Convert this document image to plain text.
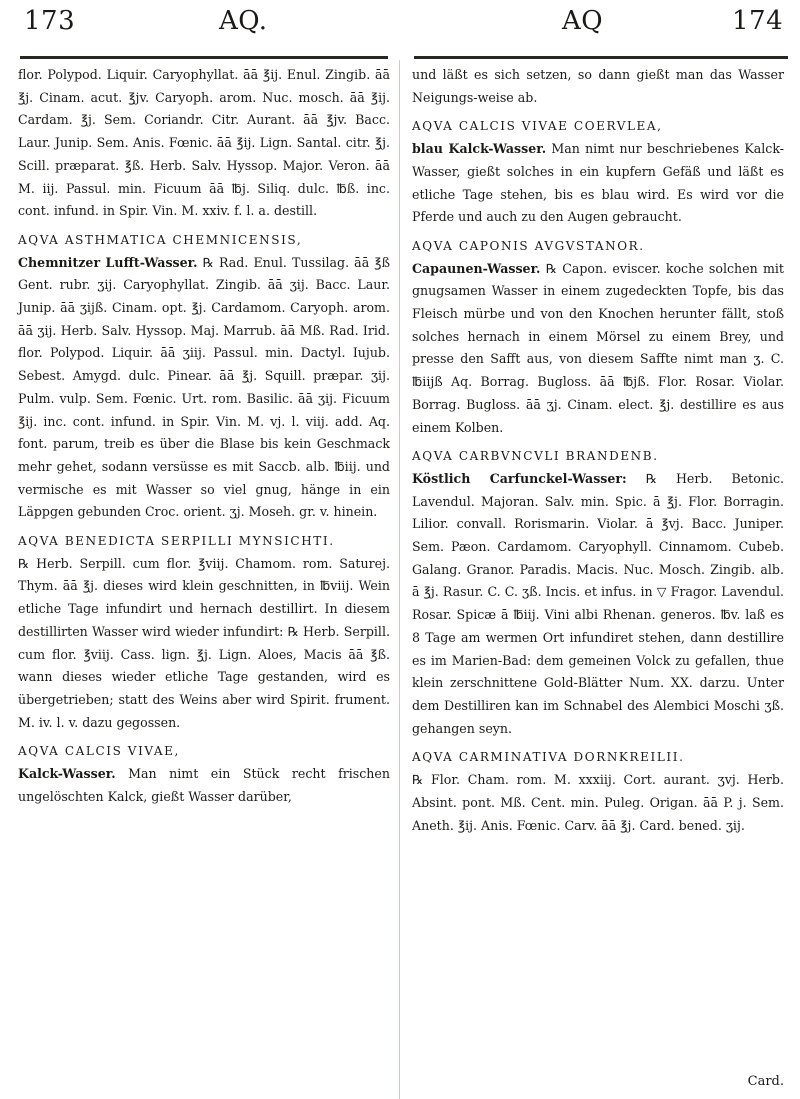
173	AQ.	AQ	174

flor. Polypod. Liquir. Caryophyllat. āā ℥ij. Enul. Zingib. āā ℥j. Cinam. acut. ℥jv. Caryoph. arom. Nuc. mosch. āā ℥ij. Cardam. ℥j. Sem. Coriandr. Citr. Aurant. āā ℥jv. Bacc. Laur. Junip. Sem. Anis. Fœnic. āā ℥ij. Lign. Santal. citr. ℥j. Scill. præparat. ℥ß. Herb. Salv. Hyssop. Major. Veron. āā M. iij. Passul. min. Ficuum āā ℔j. Siliq. dulc. ℔ß. inc. cont. infund. in Spir. Vin. M. xxiv. f. l. a. destill.

AQVA ASTHMATICA CHEMNICENSIS,
Chemnitzer Lufft-Wasser. ℞ Rad. Enul. Tussilag. āā ℥ß Gent. rubr. ʒij. Caryophyllat. Zingib. āā ʒij. Bacc. Laur. Junip. āā ʒijß. Cinam. opt. ℥j. Cardamom. Caryoph. arom. āā ʒij. Herb. Salv. Hyssop. Maj. Marrub. āā Mß. Rad. Irid. flor. Polypod. Liquir. āā ʒiij. Passul. min. Dactyl. Iujub. Sebest. Amygd. dulc. Pinear. āā ℥j. Squill. præpar. ʒij. Pulm. vulp. Sem. Fœnic. Urt. rom. Basilic. āā ʒij. Ficuum ℥ij. inc. cont. infund. in Spir. Vin. M. vj. l. viij. add. Aq. font. parum, treib es über die Blase bis kein Geschmack mehr gehet, sodann versüsse es mit Saccb. alb. ℔iij. und vermische es mit Wasser so viel gnug, hänge in ein Läppgen gebunden Croc. orient. ʒj. Moseh. gr. v. hinein.

AQVA BENEDICTA SERPILLI MYNSICHTI.
℞ Herb. Serpill. cum flor. ℥viij. Chamom. rom. Saturej. Thym. āā ℥j. dieses wird klein geschnitten, in ℔viij. Wein etliche Tage infundirt und hernach destillirt. In diesem destillirten Wasser wird wieder infundirt: ℞ Herb. Serpill. cum flor. ℥viij. Cass. lign. ℥j. Lign. Aloes, Macis āā ℥ß. wann dieses wieder etliche Tage gestanden, wird es übergetrieben; statt des Weins aber wird Spirit. frument. M. iv. l. v. dazu gegossen.

AQVA CALCIS VIVAE,
Kalck-Wasser. Man nimt ein Stück recht frischen ungelöschten Kalck, gießt Wasser darüber,

und läßt es sich setzen, so dann gießt man das Wasser Neigungs-weise ab.

AQVA CALCIS VIVAE COERVLEA,
blau Kalck-Wasser. Man nimt nur beschriebenes Kalck-Wasser, gießt solches in ein kupfern Gefäß und läßt es etliche Tage stehen, bis es blau wird. Es wird vor die Pferde und auch zu den Augen gebraucht.

AQVA CAPONIS AVGVSTANOR.
Capaunen-Wasser. ℞ Capon. eviscer. koche solchen mit gnugsamen Wasser in einem zugedeckten Topfe, bis das Fleisch mürbe und von den Knochen herunter fällt, stoß solches hernach in einem Mörsel zu einem Brey, und presse den Safft aus, von diesem Saffte nimt man ʒ. C. ℔iijß Aq. Borrag. Bugloss. āā ℔jß. Flor. Rosar. Violar. Borrag. Bugloss. āā ʒj. Cinam. elect. ℥j. destillire es aus einem Kolben.

AQVA CARBVNCVLI BRANDENB.
Köstlich Carfunckel-Wasser: ℞ Herb. Betonic. Lavendul. Majoran. Salv. min. Spic. ā ℥j. Flor. Borragin. Lilior. convall. Rorismarin. Violar. ā ℥vj. Bacc. Juniper. Sem. Pæon. Cardamom. Caryophyll. Cinnamom. Cubeb. Galang. Granor. Paradis. Macis. Nuc. Mosch. Zingib. alb. ā ℥j. Rasur. C. C. ʒß. Incis. et infus. in ▽ Fragor. Lavendul. Rosar. Spicæ ā ℔iij. Vini albi Rhenan. generos. ℔v. laß es 8 Tage am wermen Ort infundiret stehen, dann destillire es im Marien-Bad: dem gemeinen Volck zu gefallen, thue klein zerschnittene Gold-Blätter Num. XX. darzu. Unter dem Destilliren kan im Schnabel des Alembici Moschi ʒß. gehangen seyn.

AQVA CARMINATIVA DORNKREILII.
℞ Flor. Cham. rom. M. xxxiij. Cort. aurant. ʒvj. Herb. Absint. pont. Mß. Cent. min. Puleg. Origan. āā P. j. Sem. Aneth. ℥ij. Anis. Fœnic. Carv. āā ℥j. Card. bened. ʒij.

Card.
